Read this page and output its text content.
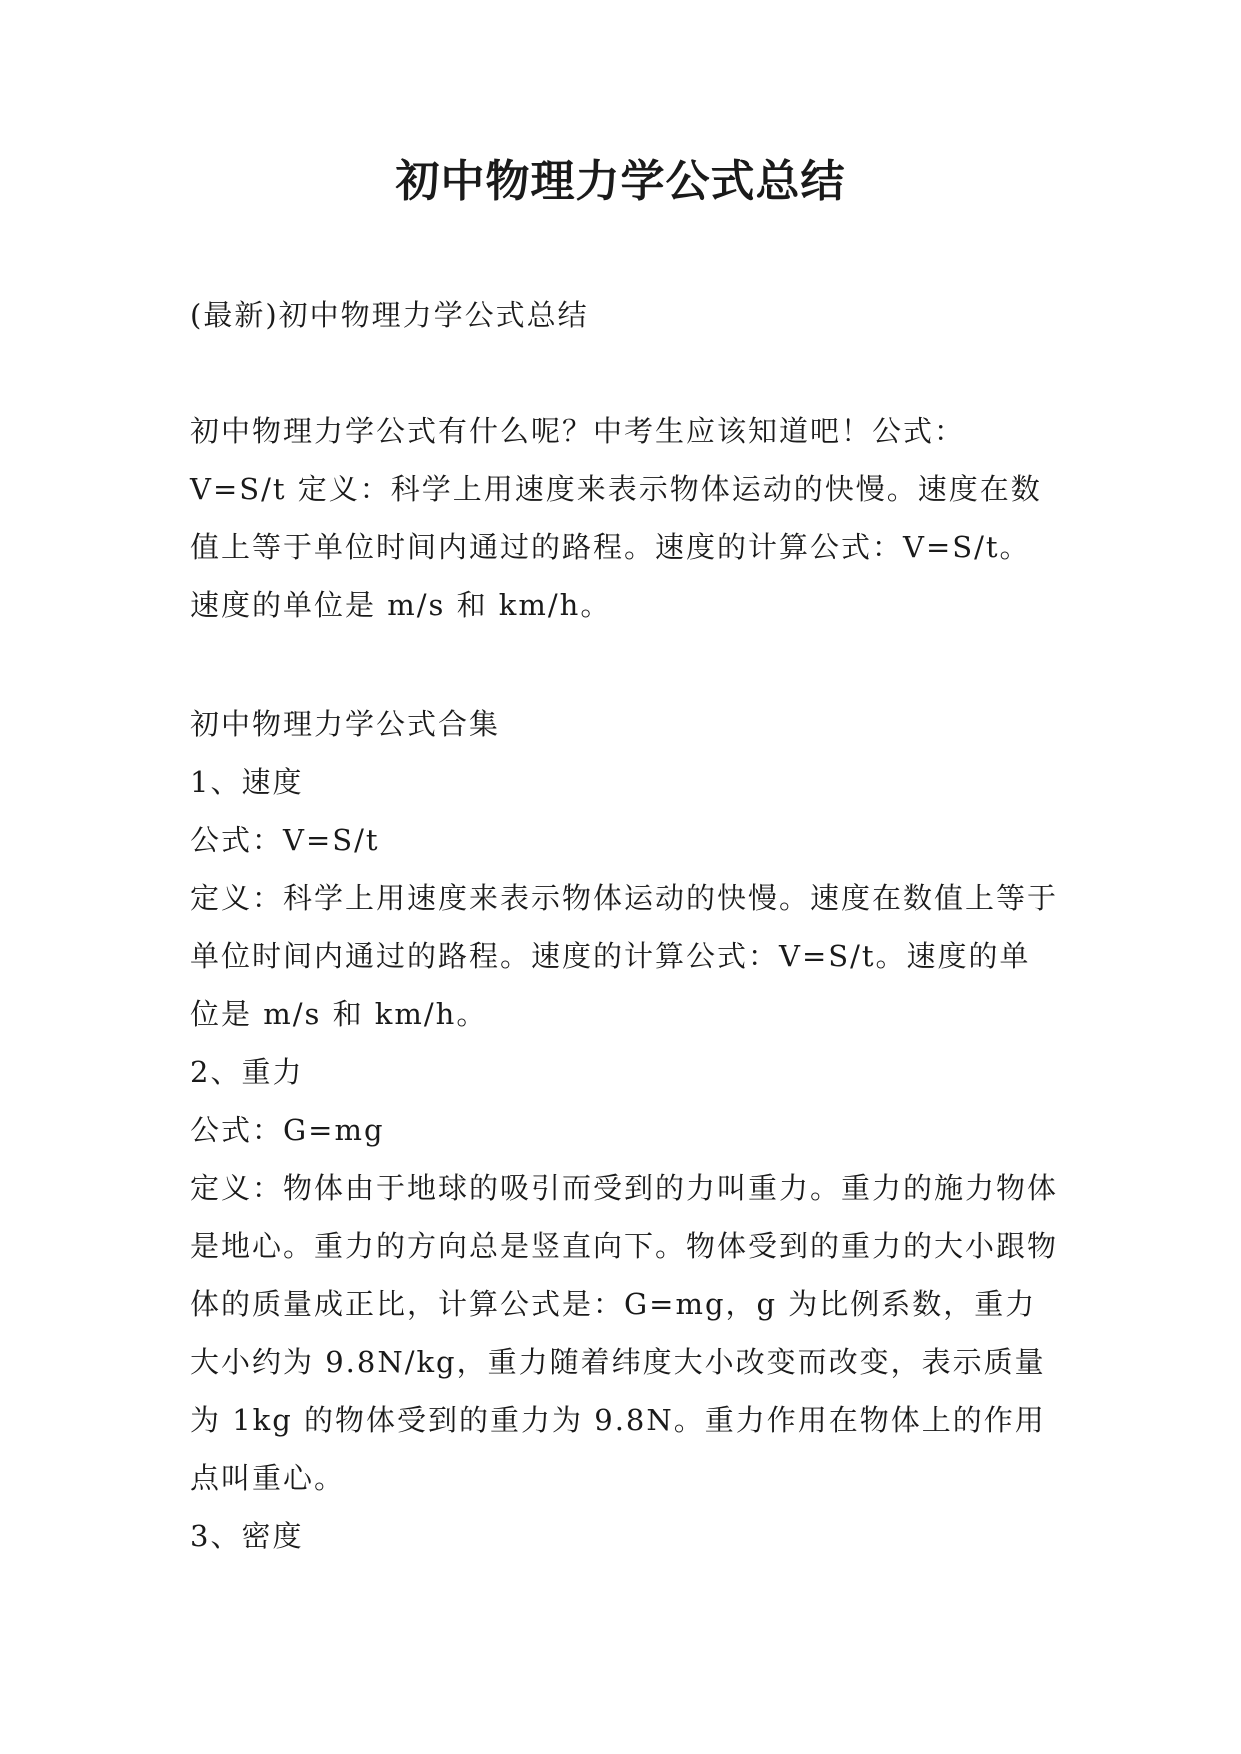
初中物理力学公式总结

(最新)初中物理力学公式总结

初中物理力学公式有什么呢？中考生应该知道吧！公式：V=S/t 定义：科学上用速度来表示物体运动的快慢。速度在数值上等于单位时间内通过的路程。速度的计算公式：V=S/t。速度的单位是 m/s 和 km/h。

初中物理力学公式合集

1、速度

公式：V=S/t

定义：科学上用速度来表示物体运动的快慢。速度在数值上等于单位时间内通过的路程。速度的计算公式：V=S/t。速度的单位是 m/s 和 km/h。

2、重力

公式：G=mg

定义：物体由于地球的吸引而受到的力叫重力。重力的施力物体是地心。重力的方向总是竖直向下。物体受到的重力的大小跟物体的质量成正比，计算公式是：G=mg，g 为比例系数，重力大小约为 9.8N/kg，重力随着纬度大小改变而改变，表示质量为 1kg 的物体受到的重力为 9.8N。重力作用在物体上的作用点叫重心。

3、密度
